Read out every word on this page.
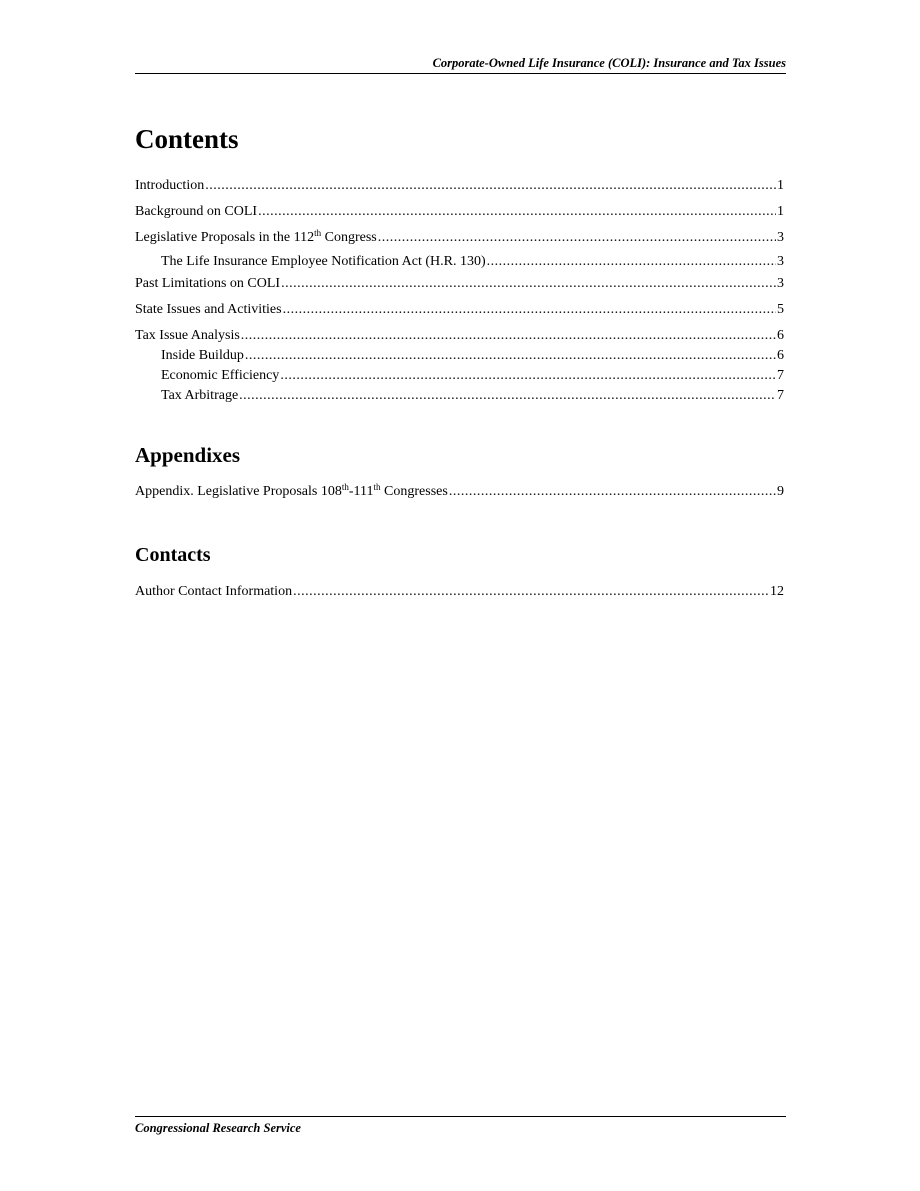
Corporate-Owned Life Insurance (COLI): Insurance and Tax Issues
Contents
Introduction .....	1
Background on COLI .....	1
Legislative Proposals in the 112th Congress .....	3
The Life Insurance Employee Notification Act (H.R. 130) .....	3
Past Limitations on COLI .....	3
State Issues and Activities .....	5
Tax Issue Analysis .....	6
Inside Buildup .....	6
Economic Efficiency .....	7
Tax Arbitrage .....	7
Appendixes
Appendix. Legislative Proposals 108th-111th Congresses .....	9
Contacts
Author Contact Information .....	12
Congressional Research Service
